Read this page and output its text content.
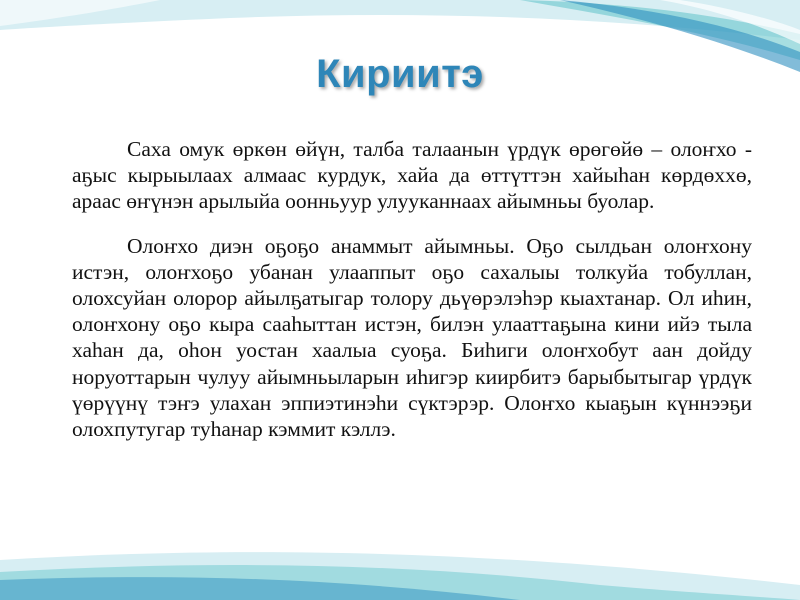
Кириитэ

Саха омук өркөн өйүн, талба талаанын үрдүк өрөгөйө – олоҥхо - аҕыс кырыылаах алмаас курдук, хайа да өттүттэн хайыһан көрдөххө, араас өҥүнэн арылыйа оонньуур улууканнаах айымньы буолар.

Олоҥхо диэн оҕоҕо анаммыт айымньы. Оҕо сылдьан олоҥхону истэн, олоҥхоҕо убанан улааппыт оҕо сахалыы толкуйа тобуллан, олохсуйан олорор айылҕатыгар толору дьүөрэлэһэр кыахтанар. Ол иһин, олоҥхону оҕо кыра сааһыттан истэн, билэн улааттаҕына кини ийэ тыла хаһан да, оһон уостан хаалыа суоҕа. Биһиги олоҥхобут аан дойду норуоттарын чулуу айымньыларын иһигэр киирбитэ барыбытыгар үрдүк үөрүүнү тэҥэ улахан эппиэтинэһи сүктэрэр. Олоҥхо кыаҕын күннээҕи олохпутугар туһанар кэммит кэллэ.
